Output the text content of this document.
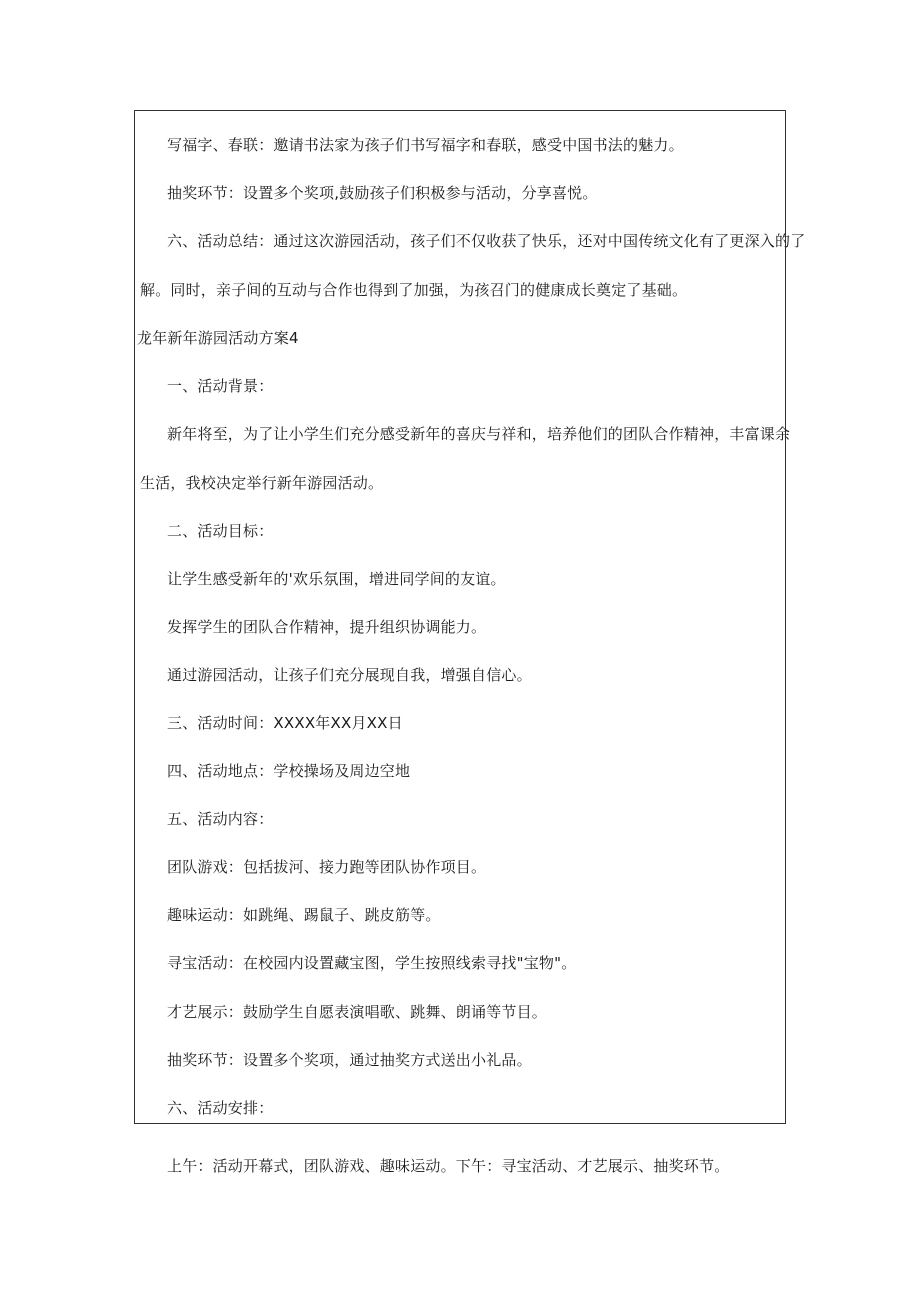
写福字、春联：邀请书法家为孩子们书写福字和春联，感受中国书法的魅力。
抽奖环节：设置多个奖项,鼓励孩子们积极参与活动，分享喜悦。
六、活动总结：通过这次游园活动，孩子们不仅收获了快乐，还对中国传统文化有了更深入的了
解。同时，亲子间的互动与合作也得到了加强，为孩召门的健康成长奠定了基础。
龙年新年游园活动方案4
一、活动背景：
新年将至，为了让小学生们充分感受新年的喜庆与祥和，培养他们的团队合作精神，丰富课余
生活，我校决定举行新年游园活动。
二、活动目标：
让学生感受新年的'欢乐氛围，增进同学间的友谊。
发挥学生的团队合作精神，提升组织协调能力。
通过游园活动，让孩子们充分展现自我，增强自信心。
三、活动时间：XXXX年XX月XX日
四、活动地点：学校操场及周边空地
五、活动内容：
团队游戏：包括拔河、接力跑等团队协作项目。
趣味运动：如跳绳、踢鼠子、跳皮筋等。
寻宝活动：在校园内设置藏宝图，学生按照线索寻找"宝物"。
才艺展示：鼓励学生自愿表演唱歌、跳舞、朗诵等节目。
抽奖环节：设置多个奖项，通过抽奖方式送出小礼品。
六、活动安排：
上午：活动开幕式，团队游戏、趣味运动。下午：寻宝活动、才艺展示、抽奖环节。
